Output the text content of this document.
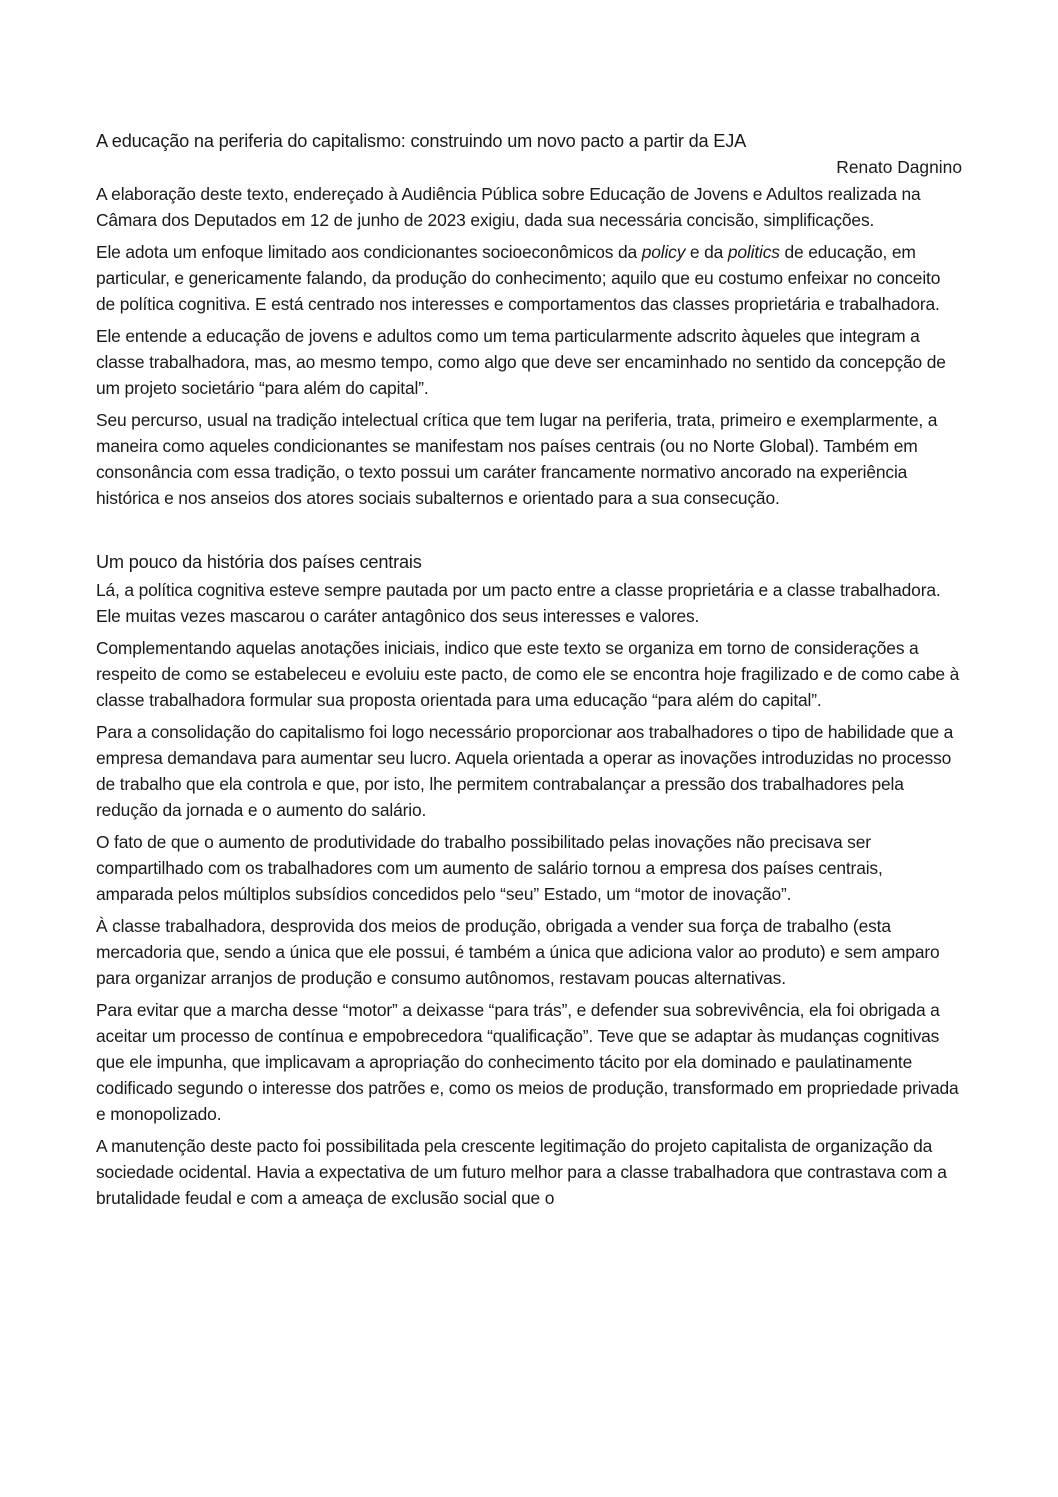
A educação na periferia do capitalismo: construindo um novo pacto a partir da EJA

Renato Dagnino

A elaboração deste texto, endereçado à Audiência Pública sobre Educação de Jovens e Adultos realizada na Câmara dos Deputados em 12 de junho de 2023 exigiu, dada sua necessária concisão, simplificações.

Ele adota um enfoque limitado aos condicionantes socioeconômicos da policy e da politics de educação, em particular, e genericamente falando, da produção do conhecimento; aquilo que eu costumo enfeixar no conceito de política cognitiva. E está centrado nos interesses e comportamentos das classes proprietária e trabalhadora.

Ele entende a educação de jovens e adultos como um tema particularmente adscrito àqueles que integram a classe trabalhadora, mas, ao mesmo tempo, como algo que deve ser encaminhado no sentido da concepção de um projeto societário “para além do capital”.

Seu percurso, usual na tradição intelectual crítica que tem lugar na periferia, trata, primeiro e exemplarmente, a maneira como aqueles condicionantes se manifestam nos países centrais (ou no Norte Global). Também em consonância com essa tradição, o texto possui um caráter francamente normativo ancorado na experiência histórica e nos anseios dos atores sociais subalternos e orientado para a sua consecução.

Um pouco da história dos países centrais

Lá, a política cognitiva esteve sempre pautada por um pacto entre a classe proprietária e a classe trabalhadora. Ele muitas vezes mascarou o caráter antagônico dos seus interesses e valores.

Complementando aquelas anotações iniciais, indico que este texto se organiza em torno de considerações a respeito de como se estabeleceu e evoluiu este pacto, de como ele se encontra hoje fragilizado e de como cabe à classe trabalhadora formular sua proposta orientada para uma educação “para além do capital”.

Para a consolidação do capitalismo foi logo necessário proporcionar aos trabalhadores o tipo de habilidade que a empresa demandava para aumentar seu lucro. Aquela orientada a operar as inovações introduzidas no processo de trabalho que ela controla e que, por isto, lhe permitem contrabalançar a pressão dos trabalhadores pela redução da jornada e o aumento do salário.

O fato de que o aumento de produtividade do trabalho possibilitado pelas inovações não precisava ser compartilhado com os trabalhadores com um aumento de salário tornou a empresa dos países centrais, amparada pelos múltiplos subsídios concedidos pelo “seu” Estado, um “motor de inovação”.

À classe trabalhadora, desprovida dos meios de produção, obrigada a vender sua força de trabalho (esta mercadoria que, sendo a única que ele possui, é também a única que adiciona valor ao produto) e sem amparo para organizar arranjos de produção e consumo autônomos, restavam poucas alternativas.

Para evitar que a marcha desse “motor” a deixasse “para trás”, e defender sua sobrevivência, ela foi obrigada a aceitar um processo de contínua e empobrecedora “qualificação”. Teve que se adaptar às mudanças cognitivas que ele impunha, que implicavam a apropriação do conhecimento tácito por ela dominado e paulatinamente codificado segundo o interesse dos patrões e, como os meios de produção, transformado em propriedade privada e monopolizado.

A manutenção deste pacto foi possibilitada pela crescente legitimação do projeto capitalista de organização da sociedade ocidental. Havia a expectativa de um futuro melhor para a classe trabalhadora que contrastava com a brutalidade feudal e com a ameaça de exclusão social que o
